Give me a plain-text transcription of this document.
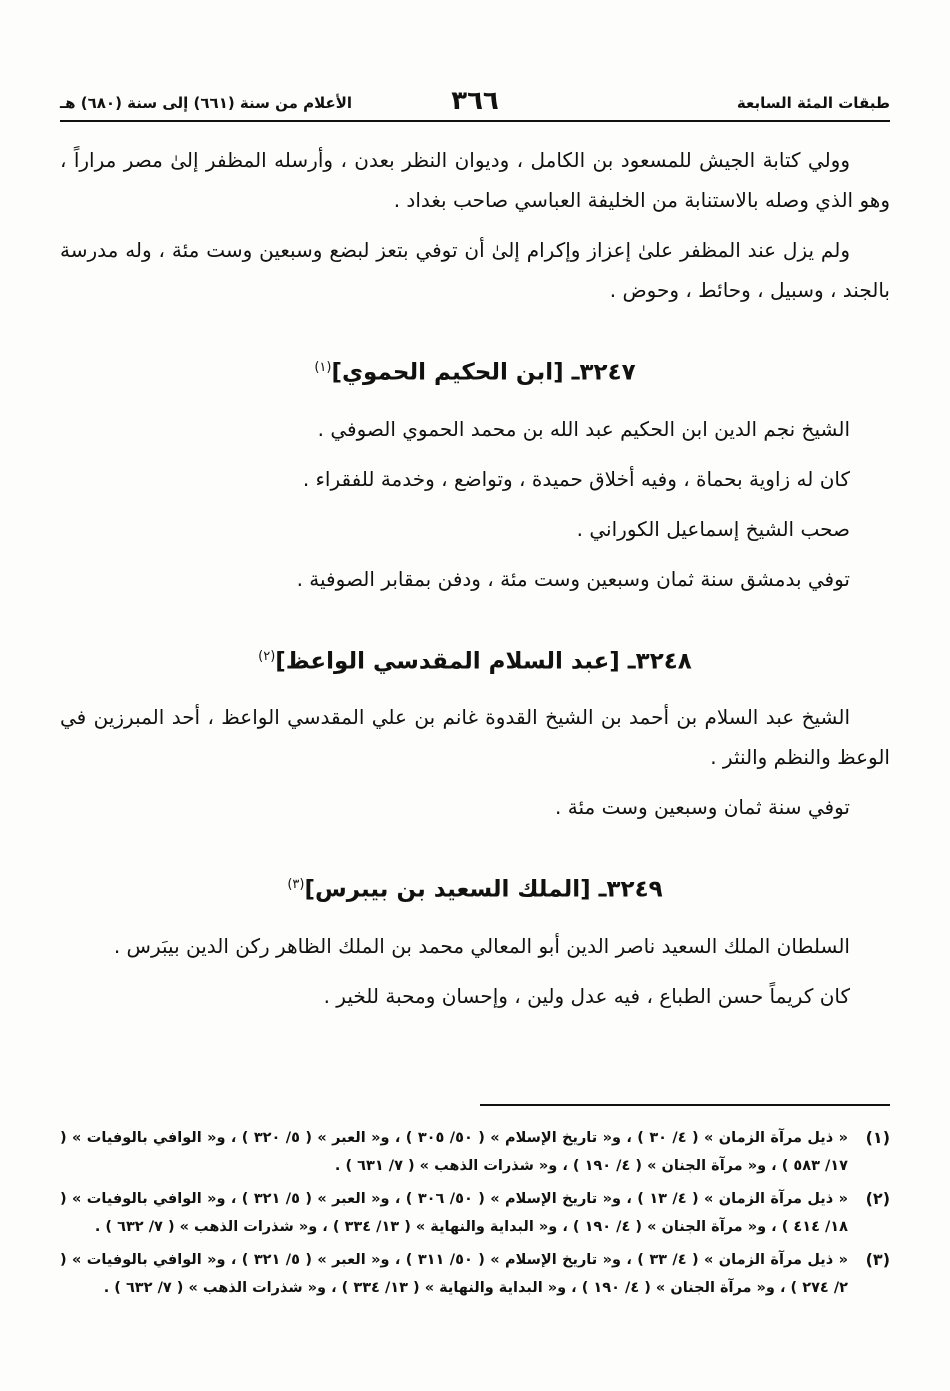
طبقات المئة السابعة
٣٦٦
الأعلام من سنة (٦٦١) إلى سنة (٦٨٠) هـ

وولي كتابة الجيش للمسعود بن الكامل ، وديوان النظر بعدن ، وأرسله المظفر إلىٰ مصر مراراً ، وهو الذي وصله بالاستنابة من الخليفة العباسي صاحب بغداد .

ولم يزل عند المظفر علىٰ إعزاز وإكرام إلىٰ أن توفي بتعز لبضع وسبعين وست مئة ، وله مدرسة بالجند ، وسبيل ، وحائط ، وحوض .

٣٢٤٧ـ [ابن الحكيم الحموي]$^{(١)}$

الشيخ نجم الدين ابن الحكيم عبد الله بن محمد الحموي الصوفي .

كان له زاوية بحماة ، وفيه أخلاق حميدة ، وتواضع ، وخدمة للفقراء .

صحب الشيخ إسماعيل الكوراني .

توفي بدمشق سنة ثمان وسبعين وست مئة ، ودفن بمقابر الصوفية .

٣٢٤٨ـ [عبد السلام المقدسي الواعظ]$^{(٢)}$

الشيخ عبد السلام بن أحمد بن الشيخ القدوة غانم بن علي المقدسي الواعظ ، أحد المبرزين في الوعظ والنظم والنثر .

توفي سنة ثمان وسبعين وست مئة .

٣٢٤٩ـ [الملك السعيد بن بيبرس]$^{(٣)}$

السلطان الملك السعيد ناصر الدين أبو المعالي محمد بن الملك الظاهر ركن الدين بيبَرس .

كان كريماً حسن الطباع ، فيه عدل ولين ، وإحسان ومحبة للخير .

(١)
« ذيل مرآة الزمان » ( ٤/ ٣٠ ) ، و« تاريخ الإسلام » ( ٥٠/ ٣٠٥ ) ، و« العبر » ( ٥/ ٣٢٠ ) ، و« الوافي بالوفيات » ( ١٧/ ٥٨٣ ) ، و« مرآة الجنان » ( ٤/ ١٩٠ ) ، و« شذرات الذهب » ( ٧/ ٦٣١ ) .
(٢)
« ذيل مرآة الزمان » ( ٤/ ١٣ ) ، و« تاريخ الإسلام » ( ٥٠/ ٣٠٦ ) ، و« العبر » ( ٥/ ٣٢١ ) ، و« الوافي بالوفيات » ( ١٨/ ٤١٤ ) ، و« مرآة الجنان » ( ٤/ ١٩٠ ) ، و« البداية والنهاية » ( ١٣/ ٣٣٤ ) ، و« شذرات الذهب » ( ٧/ ٦٣٢ ) .
(٣)
« ذيل مرآة الزمان » ( ٤/ ٣٣ ) ، و« تاريخ الإسلام » ( ٥٠/ ٣١١ ) ، و« العبر » ( ٥/ ٣٢١ ) ، و« الوافي بالوفيات » ( ٢/ ٢٧٤ ) ، و« مرآة الجنان » ( ٤/ ١٩٠ ) ، و« البداية والنهاية » ( ١٣/ ٣٣٤ ) ، و« شذرات الذهب » ( ٧/ ٦٣٢ ) .
